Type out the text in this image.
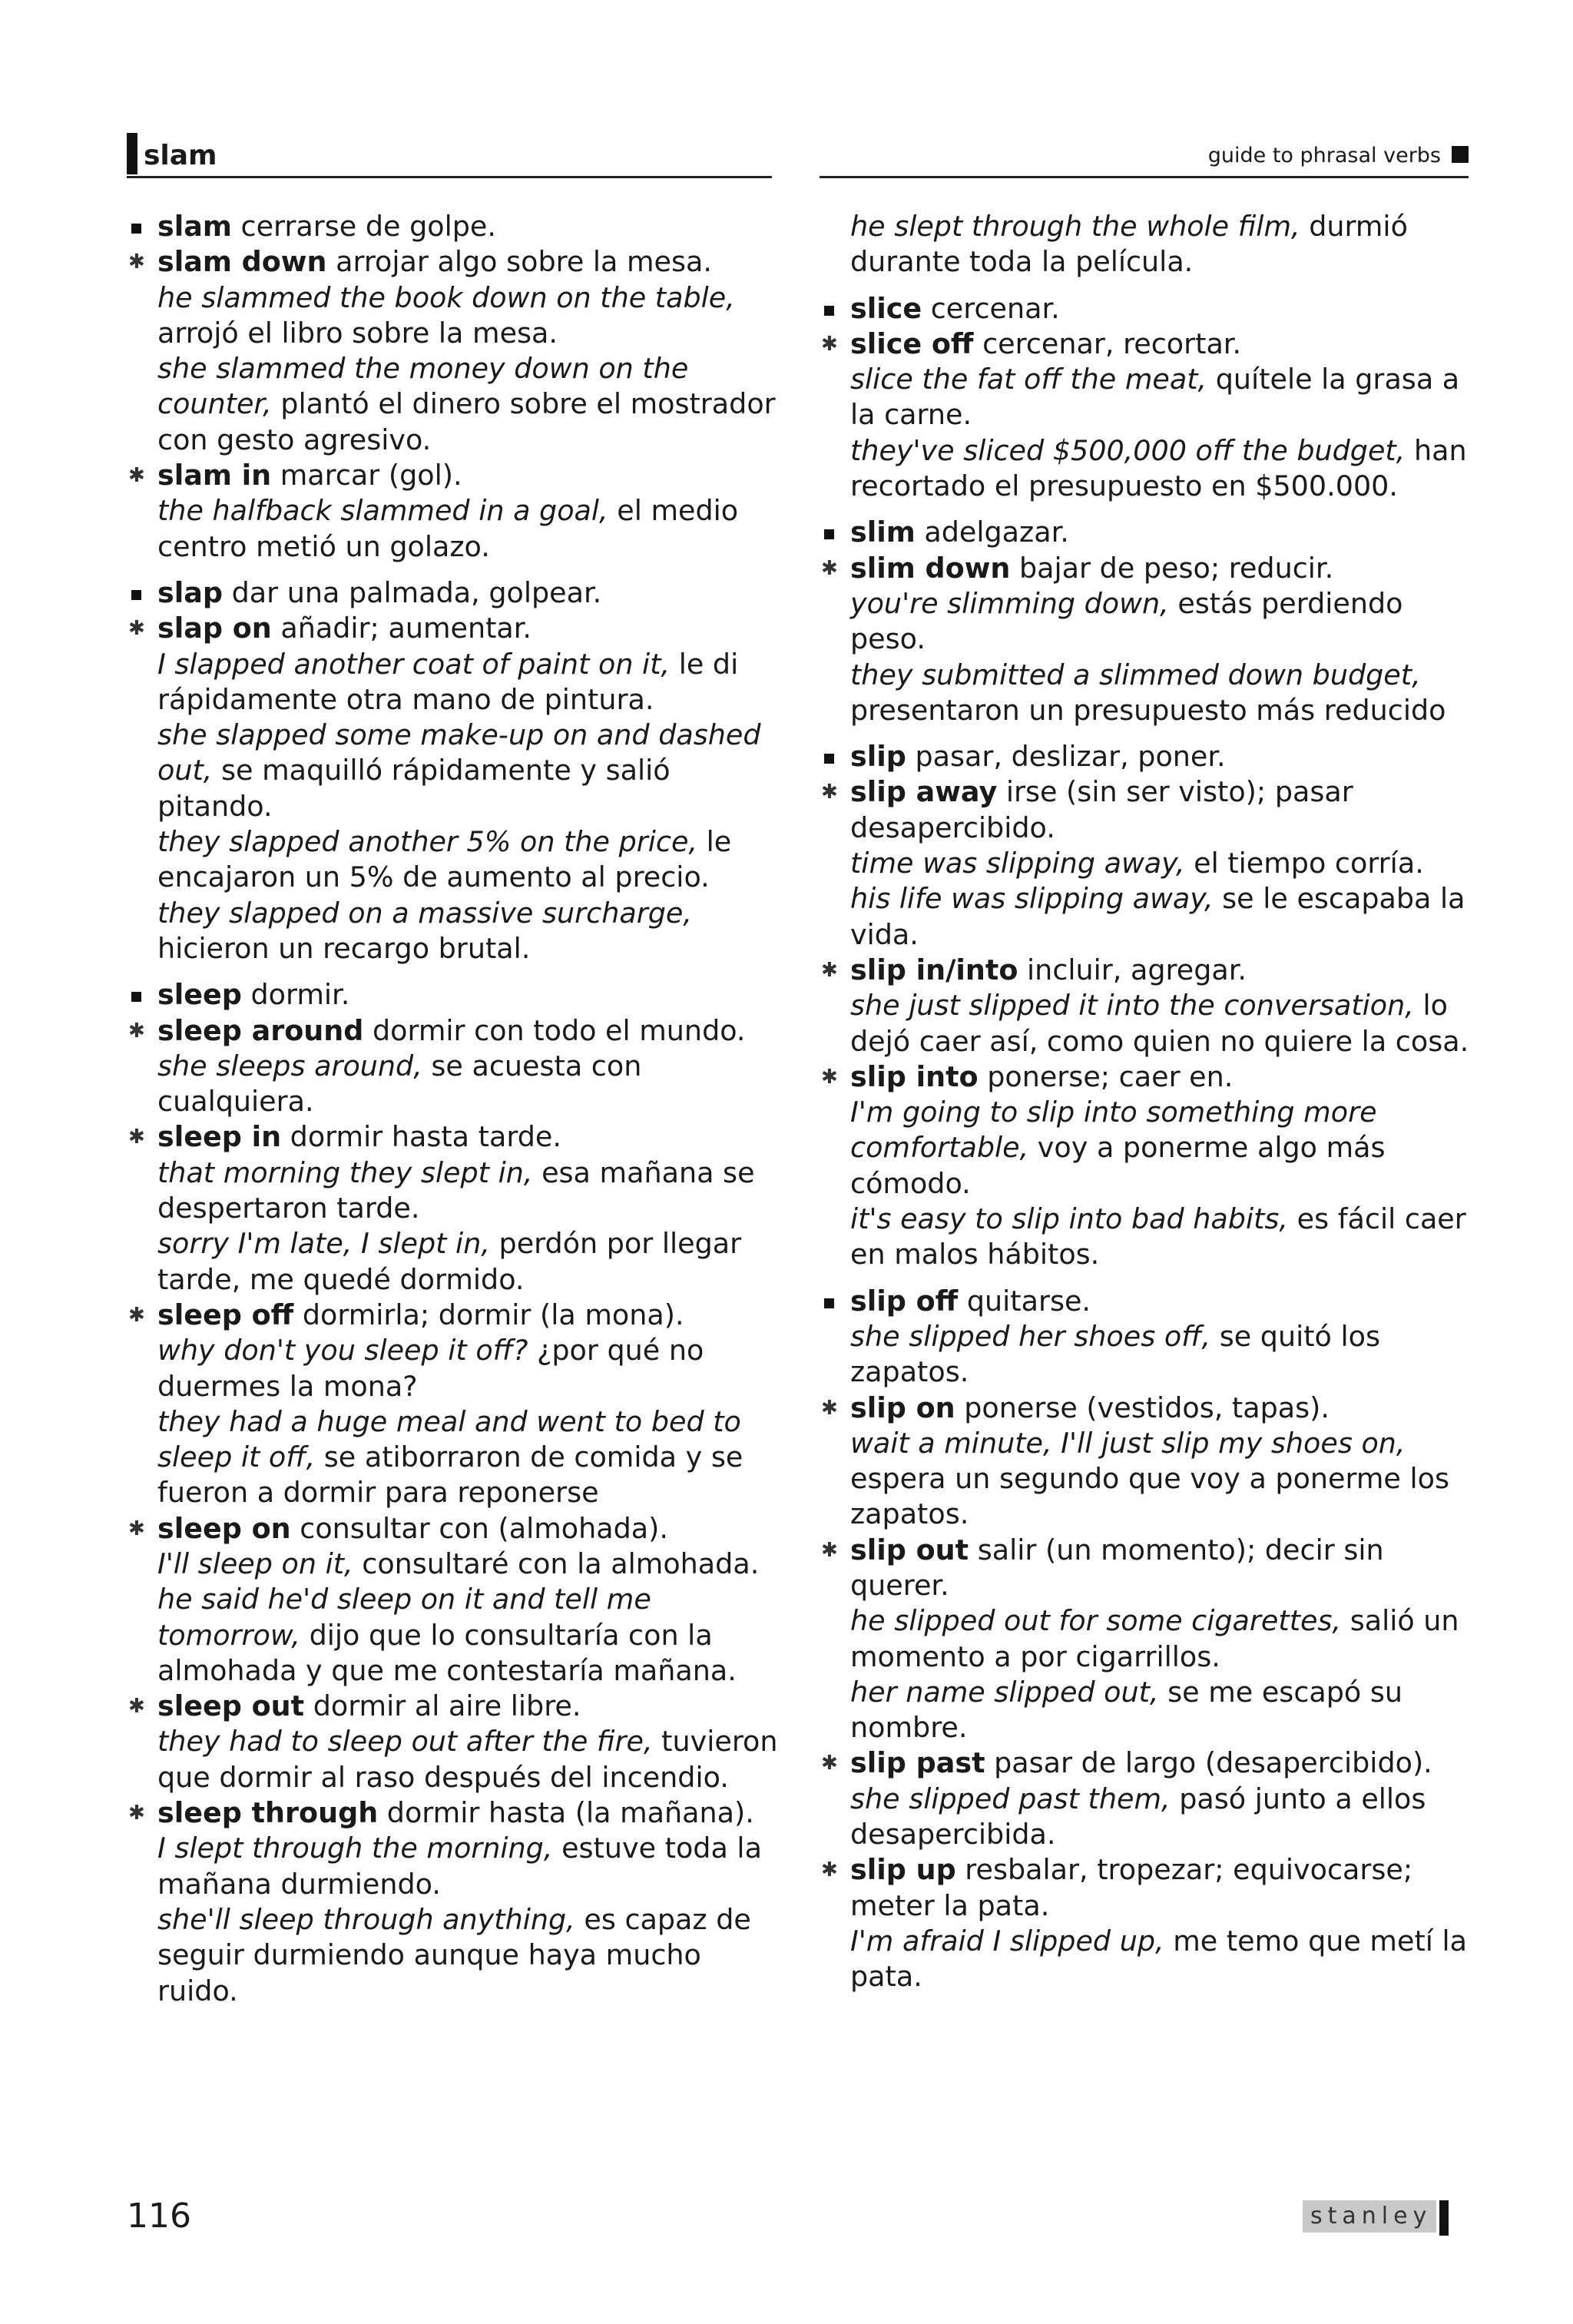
slam	guide to phrasal verbs
slam cerrarse de golpe.
✱ slam down arrojar algo sobre la mesa.
he slammed the book down on the table, arrojó el libro sobre la mesa.
she slammed the money down on the counter, plantó el dinero sobre el mostrador con gesto agresivo.
✱ slam in marcar (gol).
the halfback slammed in a goal, el medio centro metió un golazo.
slap dar una palmada, golpear.
✱ slap on añadir; aumentar.
I slapped another coat of paint on it, le di rápidamente otra mano de pintura.
she slapped some make-up on and dashed out, se maquilló rápidamente y salió pitando.
they slapped another 5% on the price, le encajaron un 5% de aumento al precio.
they slapped on a massive surcharge, hicieron un recargo brutal.
sleep dormir.
✱ sleep around dormir con todo el mundo.
she sleeps around, se acuesta con cualquiera.
✱ sleep in dormir hasta tarde.
that morning they slept in, esa mañana se despertaron tarde.
sorry I'm late, I slept in, perdón por llegar tarde, me quedé dormido.
✱ sleep off dormirla; dormir (la mona).
why don't you sleep it off? ¿por qué no duermes la mona?
they had a huge meal and went to bed to sleep it off, se atiborraron de comida y se fueron a dormir para reponerse
✱ sleep on consultar con (almohada).
I'll sleep on it, consultaré con la almohada.
he said he'd sleep on it and tell me tomorrow, dijo que lo consultaría con la almohada y que me contestaría mañana.
✱ sleep out dormir al aire libre.
they had to sleep out after the fire, tuvieron que dormir al raso después del incendio.
✱ sleep through dormir hasta (la mañana).
I slept through the morning, estuve toda la mañana durmiendo.
she'll sleep through anything, es capaz de seguir durmiendo aunque haya mucho ruido.
he slept through the whole film, durmió durante toda la película.
slice cercenar.
✱ slice off cercenar, recortar.
slice the fat off the meat, quítele la grasa a la carne.
they've sliced $500,000 off the budget, han recortado el presupuesto en $500.000.
slim adelgazar.
✱ slim down bajar de peso; reducir.
you're slimming down, estás perdiendo peso.
they submitted a slimmed down budget, presentaron un presupuesto más reducido
slip pasar, deslizar, poner.
✱ slip away irse (sin ser visto); pasar desapercibido.
time was slipping away, el tiempo corría.
his life was slipping away, se le escapaba la vida.
✱ slip in/into incluir, agregar.
she just slipped it into the conversation, lo dejó caer así, como quien no quiere la cosa.
✱ slip into ponerse; caer en.
I'm going to slip into something more comfortable, voy a ponerme algo más cómodo.
it's easy to slip into bad habits, es fácil caer en malos hábitos.
slip off quitarse.
she slipped her shoes off, se quitó los zapatos.
✱ slip on ponerse (vestidos, tapas).
wait a minute, I'll just slip my shoes on, espera un segundo que voy a ponerme los zapatos.
✱ slip out salir (un momento); decir sin querer.
he slipped out for some cigarettes, salió un momento a por cigarrillos.
her name slipped out, se me escapó su nombre.
✱ slip past pasar de largo (desapercibido).
she slipped past them, pasó junto a ellos desapercibida.
✱ slip up resbalar, tropezar; equivocarse; meter la pata.
I'm afraid I slipped up, me temo que metí la pata.
116	stanley
